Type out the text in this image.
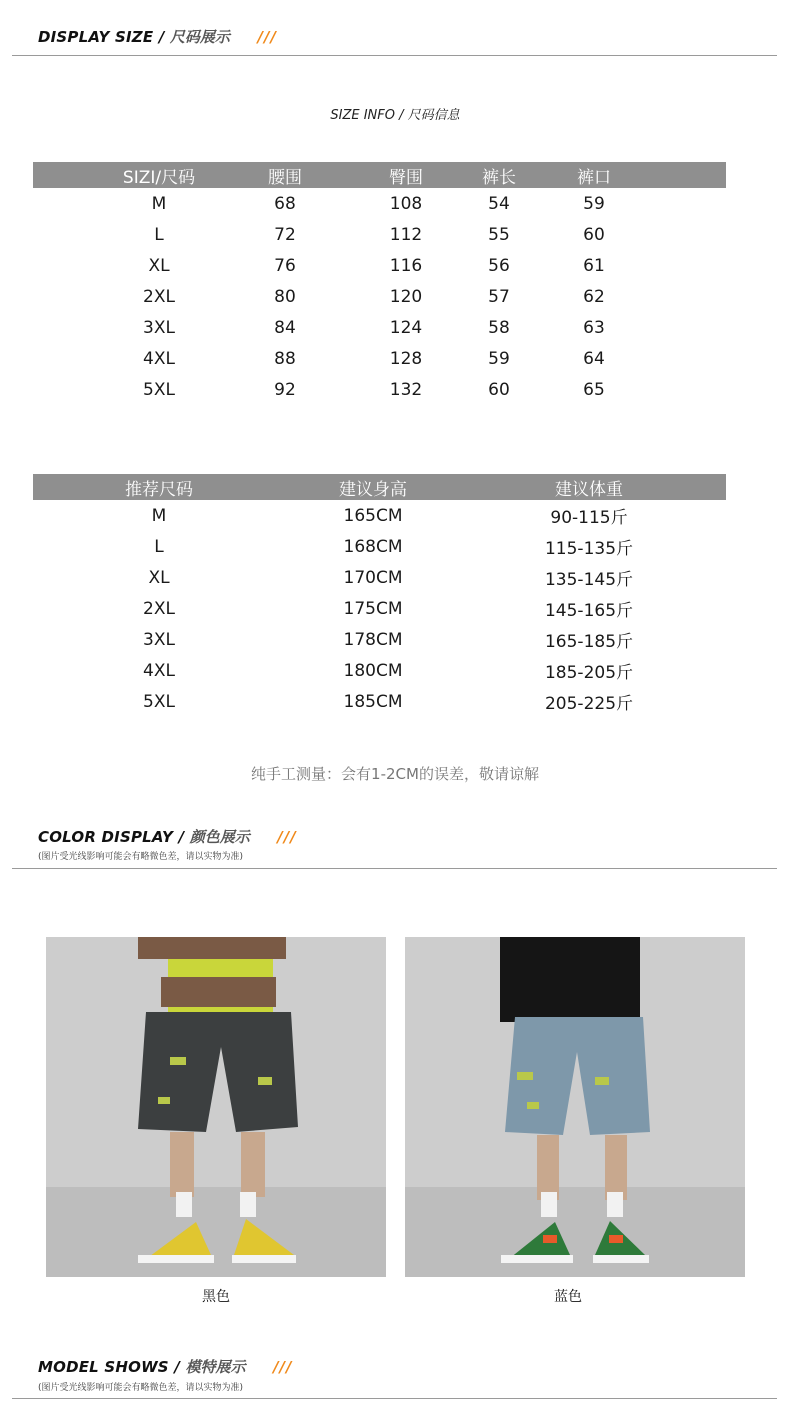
DISPLAY SIZE / 尺码展示 ///
SIZE INFO / 尺码信息
SIZI/尺码	腰围	臀围	裤长	裤口
M	68	108	54	59
L	72	112	55	60
XL	76	116	56	61
2XL	80	120	57	62
3XL	84	124	58	63
4XL	88	128	59	64
5XL	92	132	60	65
推荐尺码	建议身高	建议体重
M	165CM	90-115斤
L	168CM	115-135斤
XL	170CM	135-145斤
2XL	175CM	145-165斤
3XL	178CM	165-185斤
4XL	180CM	185-205斤
5XL	185CM	205-225斤
纯手工测量：会有1-2CM的误差，敬请谅解
COLOR DISPLAY / 颜色展示 ///
(图片受光线影响可能会有略微色差，请以实物为准)
黑色	蓝色
MODEL SHOWS / 模特展示 ///
(图片受光线影响可能会有略微色差，请以实物为准)
